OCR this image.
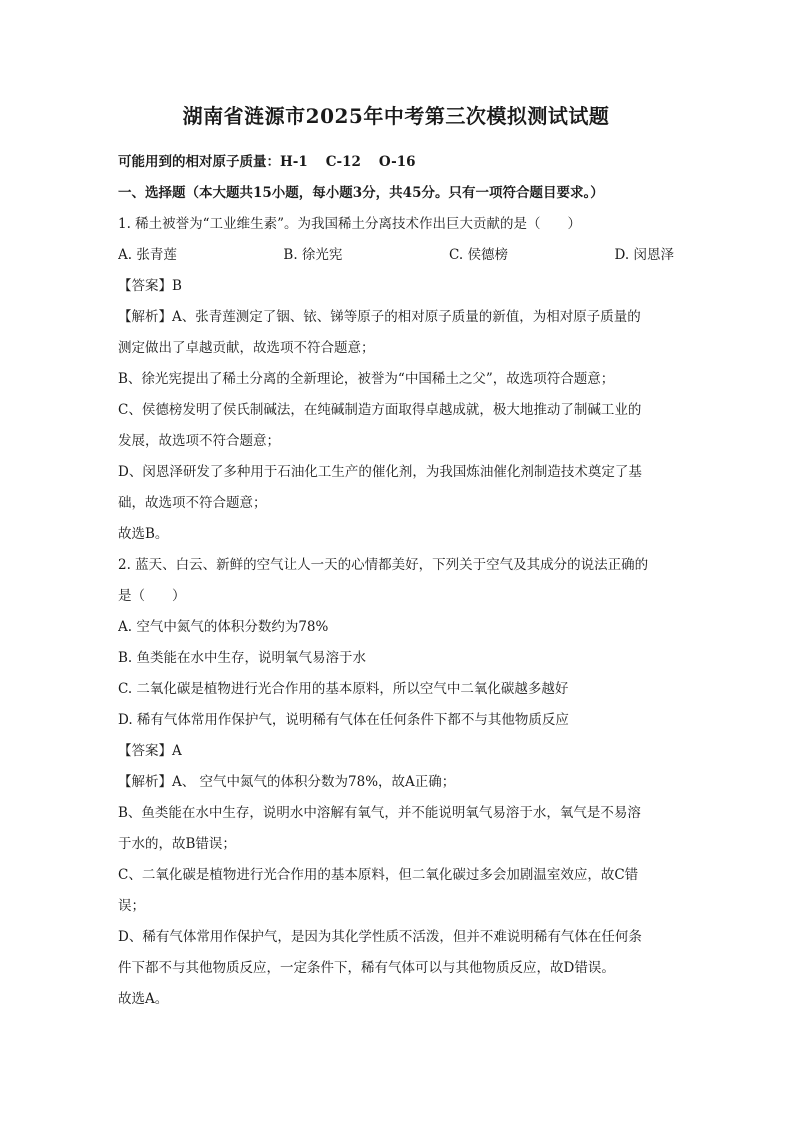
湖南省涟源市2025年中考第三次模拟测试试题
可能用到的相对原子质量：H-1 C-12 O-16
一、选择题（本大题共15小题，每小题3分，共45分。只有一项符合题目要求。）
1. 稀土被誉为“工业维生素”。为我国稀土分离技术作出巨大贡献的是（　　）
A. 张青莲	B. 徐光宪	C. 侯德榜	D. 闵恩泽
【答案】B
【解析】A、张青莲测定了铟、铱、锑等原子的相对原子质量的新值，为相对原子质量的
测定做出了卓越贡献，故选项不符合题意；
B、徐光宪提出了稀土分离的全新理论，被誉为“中国稀土之父”，故选项符合题意；
C、侯德榜发明了侯氏制碱法，在纯碱制造方面取得卓越成就，极大地推动了制碱工业的
发展，故选项不符合题意；
D、闵恩泽研发了多种用于石油化工生产的催化剂，为我国炼油催化剂制造技术奠定了基
础，故选项不符合题意；
故选B。
2. 蓝天、白云、新鲜的空气让人一天的心情都美好，下列关于空气及其成分的说法正确的
是（　　）
A. 空气中氮气的体积分数约为78%
B. 鱼类能在水中生存，说明氧气易溶于水
C. 二氧化碳是植物进行光合作用的基本原料，所以空气中二氧化碳越多越好
D. 稀有气体常用作保护气，说明稀有气体在任何条件下都不与其他物质反应
【答案】A
【解析】A、 空气中氮气的体积分数为78%，故A正确；
B、鱼类能在水中生存，说明水中溶解有氧气，并不能说明氧气易溶于水，氧气是不易溶
于水的，故B错误；
C、二氧化碳是植物进行光合作用的基本原料，但二氧化碳过多会加剧温室效应，故C错
误；
D、稀有气体常用作保护气，是因为其化学性质不活泼，但并不难说明稀有气体在任何条
件下都不与其他物质反应，一定条件下，稀有气体可以与其他物质反应，故D错误。
故选A。
